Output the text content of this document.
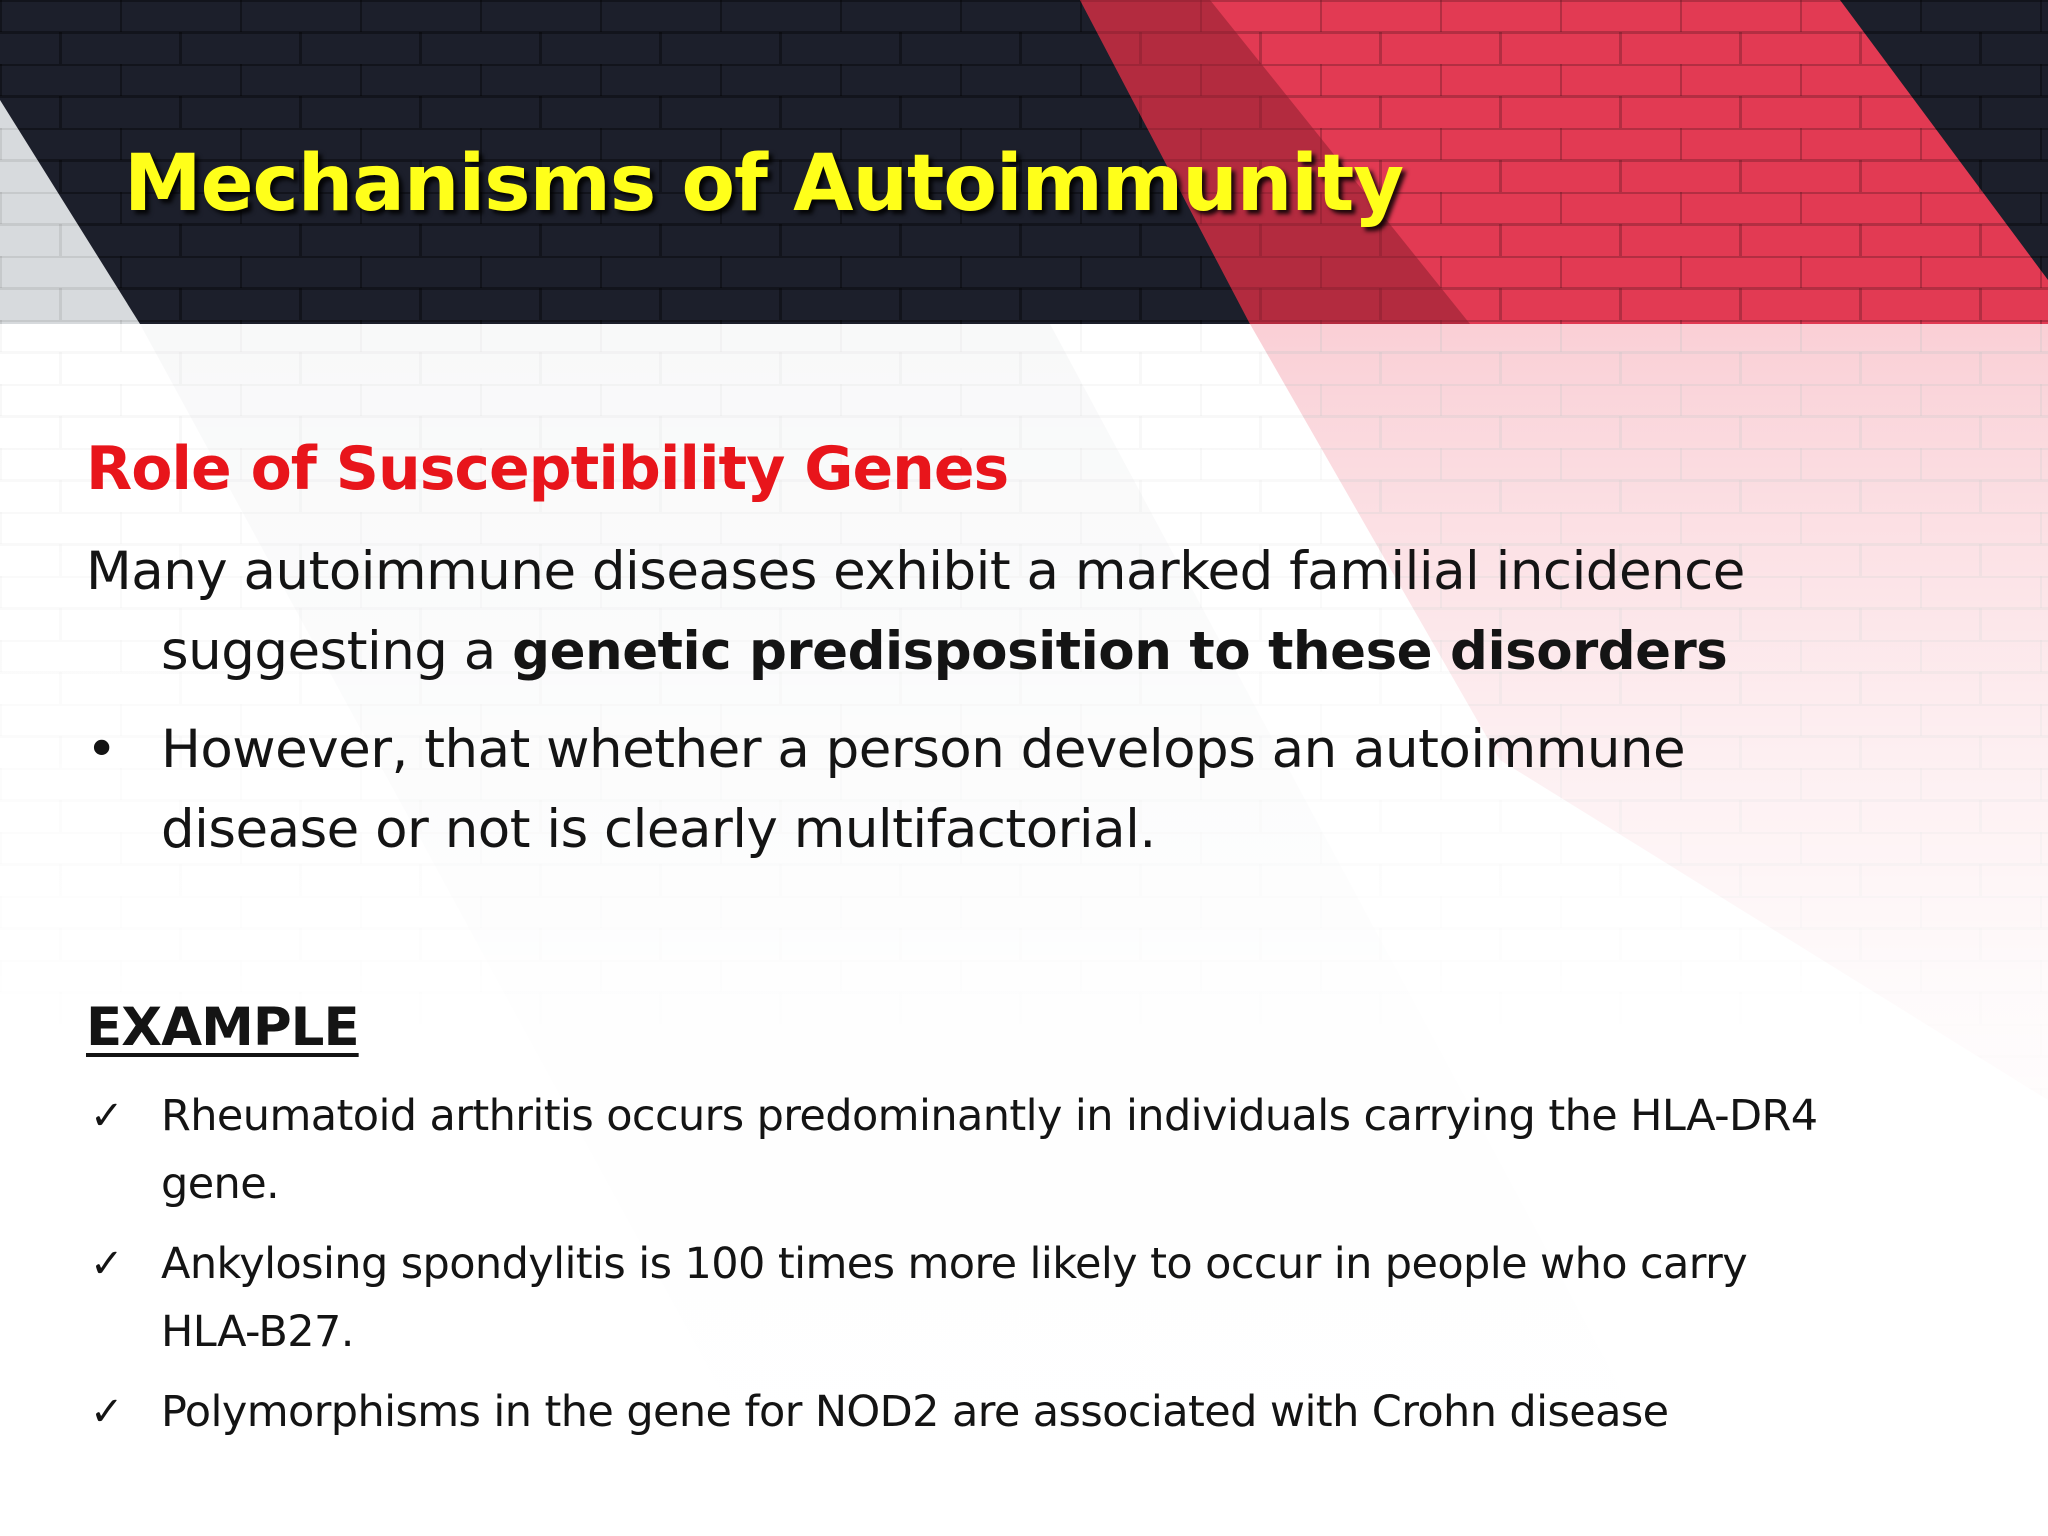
Mechanisms of Autoimmunity
Role of Susceptibility Genes

Many autoimmune diseases exhibit a marked familial incidence
suggesting a genetic predisposition to these disorders

• However, that whether a person develops an autoimmune
disease or not is clearly multifactorial.
EXAMPLE
✓ Rheumatoid arthritis occurs predominantly in individuals carrying the HLA-DR4
gene.
✓ Ankylosing spondylitis is 100 times more likely to occur in people who carry
HLA-B27.
✓ Polymorphisms in the gene for NOD2 are associated with Crohn disease
